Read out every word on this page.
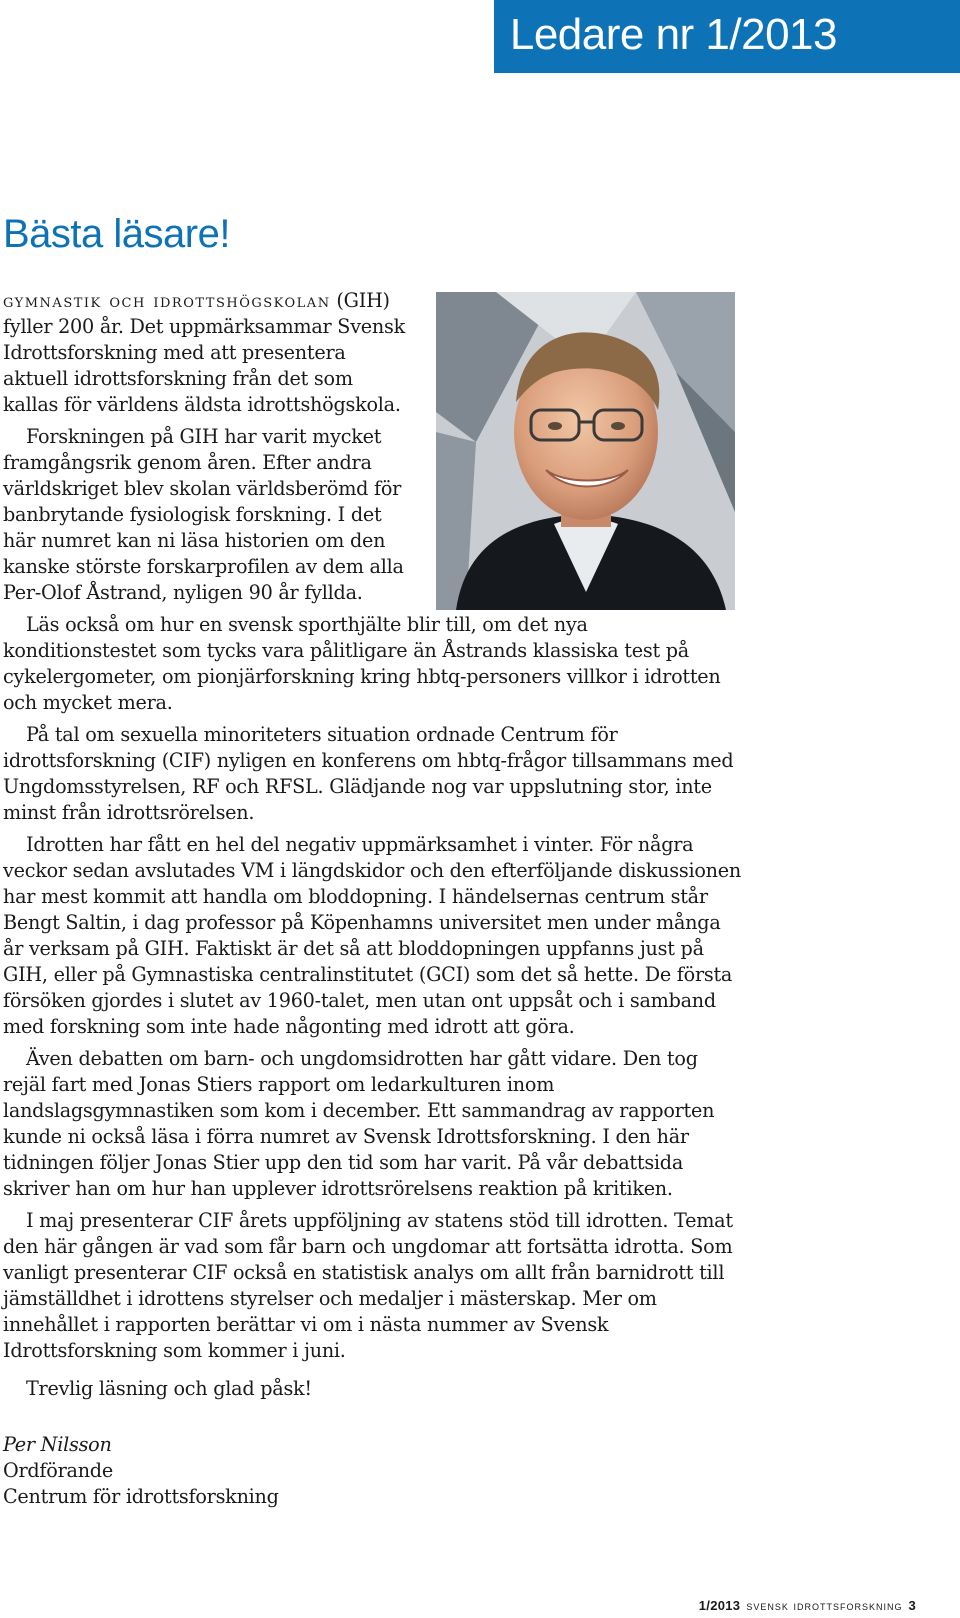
Ledare nr 1/2013
Bästa läsare!

gymnastik och idrottshögskolan (GIH) fyller 200 år. Det uppmärksammar Svensk Idrottsforskning med att presentera aktuell idrottsforskning från det som kallas för världens äldsta idrottshögskola.

Forskningen på GIH har varit mycket framgångsrik genom åren. Efter andra världskriget blev skolan världsberömd för banbrytande fysiologisk forskning. I det här numret kan ni läsa historien om den kanske störste forskarprofilen av dem alla Per-Olof Åstrand, nyligen 90 år fyllda.

Läs också om hur en svensk sporthjälte blir till, om det nya konditionstestet som tycks vara pålitligare än Åstrands klassiska test på cykelergometer, om pionjärforskning kring hbtq-personers villkor i idrotten och mycket mera.

På tal om sexuella minoriteters situation ordnade Centrum för idrottsforskning (CIF) nyligen en konferens om hbtq-frågor tillsammans med Ungdomsstyrelsen, RF och RFSL. Glädjande nog var uppslutning stor, inte minst från idrottsrörelsen.

Idrotten har fått en hel del negativ uppmärksamhet i vinter. För några veckor sedan avslutades VM i längdskidor och den efterföljande diskussionen har mest kommit att handla om bloddopning. I händelsernas centrum står Bengt Saltin, i dag professor på Köpenhamns universitet men under många år verksam på GIH. Faktiskt är det så att bloddopningen uppfanns just på GIH, eller på Gymnastiska centralinstitutet (GCI) som det så hette. De första försöken gjordes i slutet av 1960-talet, men utan ont uppsåt och i samband med forskning som inte hade någonting med idrott att göra.

Även debatten om barn- och ungdomsidrotten har gått vidare. Den tog rejäl fart med Jonas Stiers rapport om ledarkulturen inom landslagsgymnastiken som kom i december. Ett sammandrag av rapporten kunde ni också läsa i förra numret av Svensk Idrottsforskning. I den här tidningen följer Jonas Stier upp den tid som har varit. På vår debattsida skriver han om hur han upplever idrottsrörelsens reaktion på kritiken.

I maj presenterar CIF årets uppföljning av statens stöd till idrotten. Temat den här gången är vad som får barn och ungdomar att fortsätta idrotta. Som vanligt presenterar CIF också en statistisk analys om allt från barnidrott till jämställdhet i idrottens styrelser och medaljer i mästerskap. Mer om innehållet i rapporten berättar vi om i nästa nummer av Svensk Idrottsforskning som kommer i juni.

Trevlig läsning och glad påsk!

Per Nilsson

Ordförande

Centrum för idrottsforskning

1/2013 svensk idrottsforskning 3
